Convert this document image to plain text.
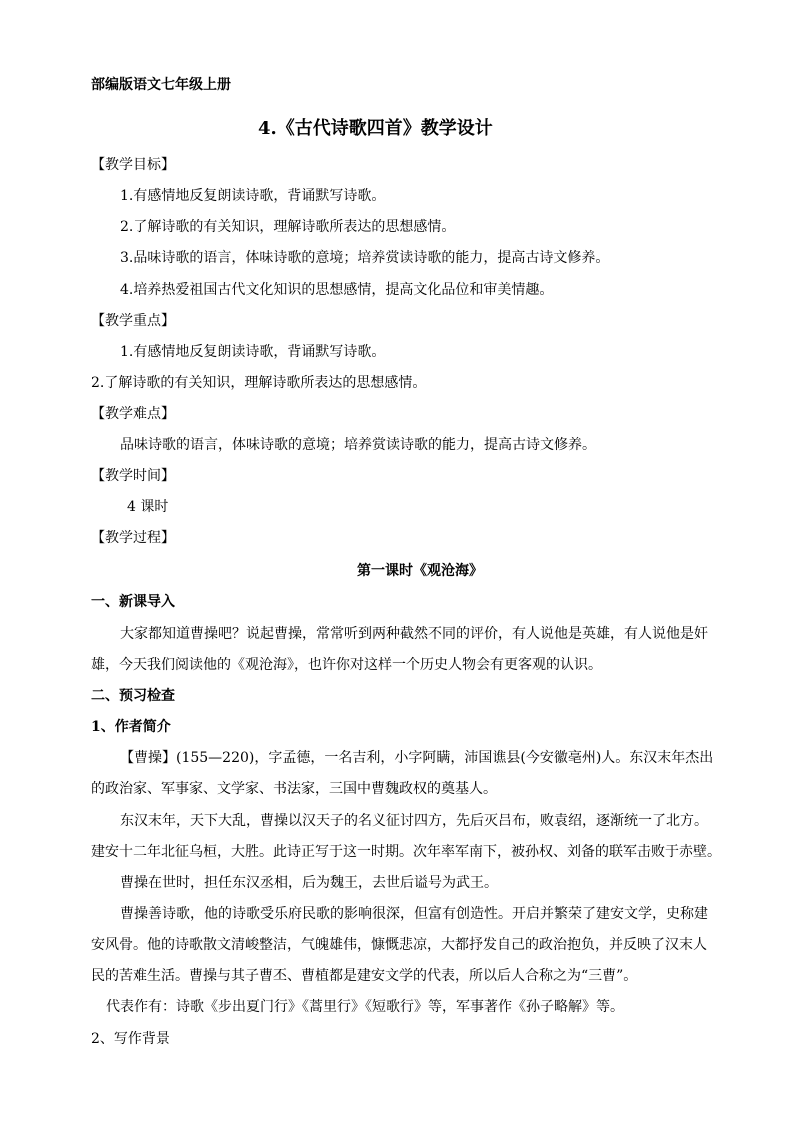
部编版语文七年级上册
4.《古代诗歌四首》教学设计
【教学目标】
1.有感情地反复朗读诗歌，背诵默写诗歌。
2.了解诗歌的有关知识，理解诗歌所表达的思想感情。
3.品味诗歌的语言，体味诗歌的意境；培养赏读诗歌的能力，提高古诗文修养。
4.培养热爱祖国古代文化知识的思想感情，提高文化品位和审美情趣。
【教学重点】
1.有感情地反复朗读诗歌，背诵默写诗歌。
2.了解诗歌的有关知识，理解诗歌所表达的思想感情。
【教学难点】
品味诗歌的语言，体味诗歌的意境；培养赏读诗歌的能力，提高古诗文修养。
【教学时间】
4 课时
【教学过程】
第一课时《观沧海》
一、新课导入
大家都知道曹操吧？说起曹操，常常听到两种截然不同的评价，有人说他是英雄，有人说他是奸
雄，今天我们阅读他的《观沧海》，也许你对这样一个历史人物会有更客观的认识。
二、预习检查
1、作者简介
【曹操】(155—220)，字孟德，一名吉利，小字阿瞒，沛国谯县(今安徽亳州)人。东汉末年杰出
的政治家、军事家、文学家、书法家，三国中曹魏政权的奠基人。
东汉末年，天下大乱，曹操以汉天子的名义征讨四方，先后灭吕布，败袁绍，逐渐统一了北方。
建安十二年北征乌桓，大胜。此诗正写于这一时期。次年率军南下，被孙权、刘备的联军击败于赤壁。
曹操在世时，担任东汉丞相，后为魏王，去世后谥号为武王。
曹操善诗歌，他的诗歌受乐府民歌的影响很深，但富有创造性。开启并繁荣了建安文学，史称建
安风骨。他的诗歌散文清峻整洁，气魄雄伟，慷慨悲凉，大都抒发自己的政治抱负，并反映了汉末人
民的苦难生活。曹操与其子曹丕、曹植都是建安文学的代表，所以后人合称之为“三曹”。
代表作有：诗歌《步出夏门行》《蒿里行》《短歌行》等，军事著作《孙子略解》等。
2、写作背景
